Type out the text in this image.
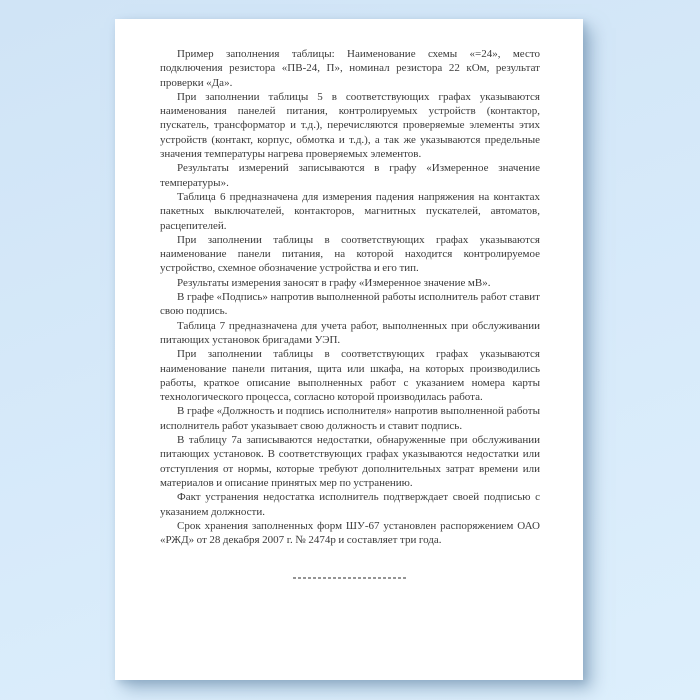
Пример заполнения таблицы: Наименование схемы «=24», место подключения резистора «ПВ-24, П», номинал резистора 22 кОм, результат проверки «Да».

При заполнении таблицы 5 в соответствующих графах указываются наименования панелей питания, контролируемых устройств (контактор, пускатель, трансформатор и т.д.), перечисляются проверяемые элементы этих устройств (контакт, корпус, обмотка и т.д.), а так же указываются предельные значения температуры нагрева проверяемых элементов.

Результаты измерений записываются в графу «Измеренное значение температуры».

Таблица 6 предназначена для измерения падения напряжения на контактах пакетных выключателей, контакторов, магнитных пускателей, автоматов, расцепителей.

При заполнении таблицы в соответствующих графах указываются наименование панели питания, на которой находится контролируемое устройство, схемное обозначение устройства и его тип.

Результаты измерения заносят в графу «Измеренное значение мВ».

В графе «Подпись» напротив выполненной работы исполнитель работ ставит свою подпись.

Таблица 7 предназначена для учета работ, выполненных при обслуживании питающих установок бригадами УЭП.

При заполнении таблицы в соответствующих графах указываются наименование панели питания, щита или шкафа, на которых производились работы, краткое описание выполненных работ с указанием номера карты технологического процесса, согласно которой производилась работа.

В графе «Должность и подпись исполнителя» напротив выполненной работы исполнитель работ указывает свою должность и ставит подпись.

В таблицу 7а записываются недостатки, обнаруженные при обслуживании питающих установок. В соответствующих графах указываются недостатки или отступления от нормы, которые требуют дополнительных затрат времени или материалов и описание принятых мер по устранению.

Факт устранения недостатка исполнитель подтверждает своей подписью с указанием должности.

Срок хранения заполненных форм ШУ-67 установлен распоряжением ОАО «РЖД» от 28 декабря 2007 г. № 2474р и составляет три года.
